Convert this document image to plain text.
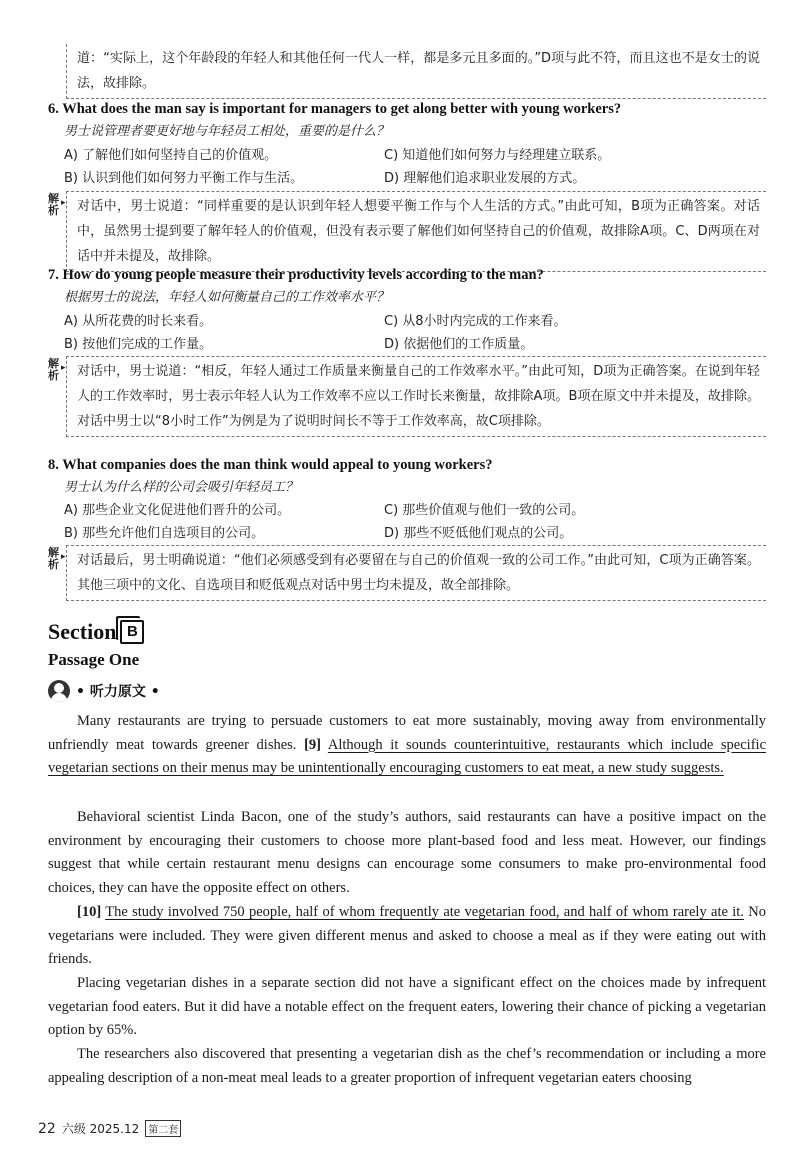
道：“实际上，这个年龄段的年轻人和其他任何一代人一样，都是多元且多面的。”D项与此不符，而且这也不是女士的说法，故排除。
6. What does the man say is important for managers to get along better with young workers?
男士说管理者要更好地与年轻员工相处，重要的是什么？
A) 了解他们如何坚持自己的价值观。	C) 知道他们如何努力与经理建立联系。
B) 认识到他们如何努力平衡工作与生活。	D) 理解他们追求职业发展的方式。
解析
▸ 对话中，男士说道：“同样重要的是认识到年轻人想要平衡工作与个人生活的方式。”由此可知，B项为正确答案。对话中，虽然男士提到要了解年轻人的价值观，但没有表示要了解他们如何坚持自己的价值观，故排除A项。C、D两项在对话中并未提及，故排除。
7. How do young people measure their productivity levels according to the man?
根据男士的说法，年轻人如何衡量自己的工作效率水平？
A) 从所花费的时长来看。	C) 从8小时内完成的工作来看。
B) 按他们完成的工作量。	D) 依据他们的工作质量。
解析
▸ 对话中，男士说道：“相反，年轻人通过工作质量来衡量自己的工作效率水平。”由此可知，D项为正确答案。在说到年轻人的工作效率时，男士表示年轻人认为工作效率不应以工作时长来衡量，故排除A项。B项在原文中并未提及，故排除。对话中男士以“8小时工作”为例是为了说明时间长不等于工作效率高，故C项排除。
8. What companies does the man think would appeal to young workers?
男士认为什么样的公司会吸引年轻员工？
A) 那些企业文化促进他们晋升的公司。	C) 那些价值观与他们一致的公司。
B) 那些允许他们自选项目的公司。	D) 那些不贬低他们观点的公司。
解析
▸ 对话最后，男士明确说道：“他们必须感受到有必要留在与自己的价值观一致的公司工作。”由此可知，C项为正确答案。其他三项中的文化、自选项目和贬低观点对话中男士均未提及，故全部排除。
Section B
Passage One
• 听力原文 •
Many restaurants are trying to persuade customers to eat more sustainably, moving away from environmentally unfriendly meat towards greener dishes. [9] Although it sounds counterintuitive, restaurants which include specific vegetarian sections on their menus may be unintentionally encouraging customers to eat meat, a new study suggests.
Behavioral scientist Linda Bacon, one of the study’s authors, said restaurants can have a positive impact on the environment by encouraging their customers to choose more plant-based food and less meat. However, our findings suggest that while certain restaurant menu designs can encourage some consumers to make pro-environmental food choices, they can have the opposite effect on others.
[10] The study involved 750 people, half of whom frequently ate vegetarian food, and half of whom rarely ate it. No vegetarians were included. They were given different menus and asked to choose a meal as if they were eating out with friends.
Placing vegetarian dishes in a separate section did not have a significant effect on the choices made by infrequent vegetarian food eaters. But it did have a notable effect on the frequent eaters, lowering their chance of picking a vegetarian option by 65%.
The researchers also discovered that presenting a vegetarian dish as the chef’s recommendation or including a more appealing description of a non-meat meal leads to a greater proportion of infrequent vegetarian eaters choosing
22 六级 2025.12 第二套
